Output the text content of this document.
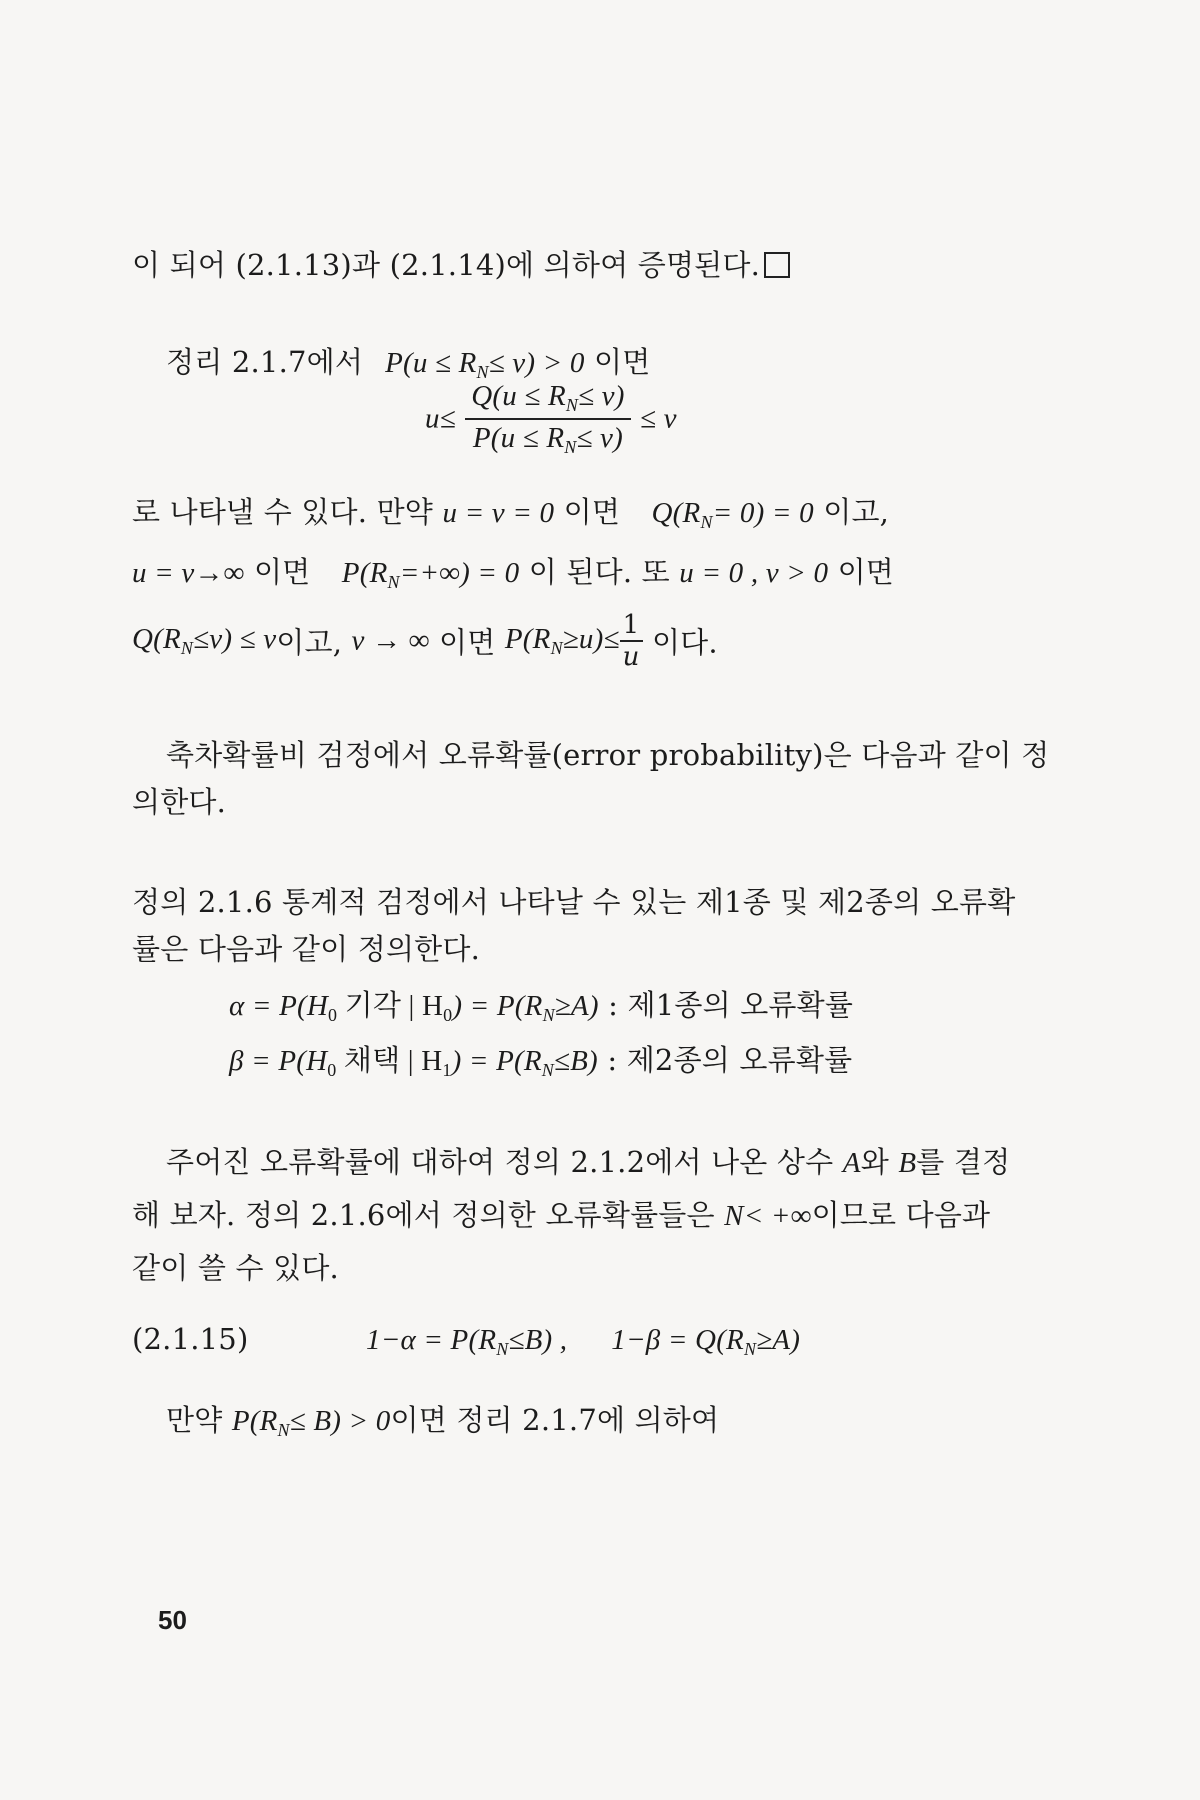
이 되어 (2.1.13)과 (2.1.14)에 의하여 증명된다.
정리 2.1.7에서 $P(u \le R_N\le v) > 0$ 이면
$u\le \frac{Q(u \le R_N\le v)}{P(u \le R_N\le v)} \le v$
로 나타낼 수 있다. 만약 u = v = 0 이면 $Q(R_N= 0) = 0$ 이고,
u = v→∞ 이면 $P(R_N=+\infty) = 0$ 이 된다. 또 u = 0 , v > 0 이면
$Q(R_N\le v) \le v$이고, v → ∞ 이면 $P(R_N\ge u)\le \frac{1}{u}$ 이다.
축차확률비 검정에서 오류확률(error probability)은 다음과 같이 정
의한다.
정의 2.1.6 통계적 검정에서 나타날 수 있는 제1종 및 제2종의 오류확
률은 다음과 같이 정의한다.
$\alpha = P(H_0$ 기각 | $H_0) = P(R_N\ge A)$ : 제1종의 오류확률
$\beta = P(H_0$ 채택 | $H_1) = P(R_N\le B)$ : 제2종의 오류확률
주어진 오류확률에 대하여 정의 2.1.2에서 나온 상수 A와 B를 결정
해 보자. 정의 2.1.6에서 정의한 오류확률들은 N< +∞이므로 다음과
같이 쓸 수 있다.
(2.1.15)	$1-\alpha = P(R_N\le B)$ , $1-\beta = Q(R_N\ge A)$
만약 $P(R_N\le B) > 0$이면 정리 2.1.7에 의하여
50
